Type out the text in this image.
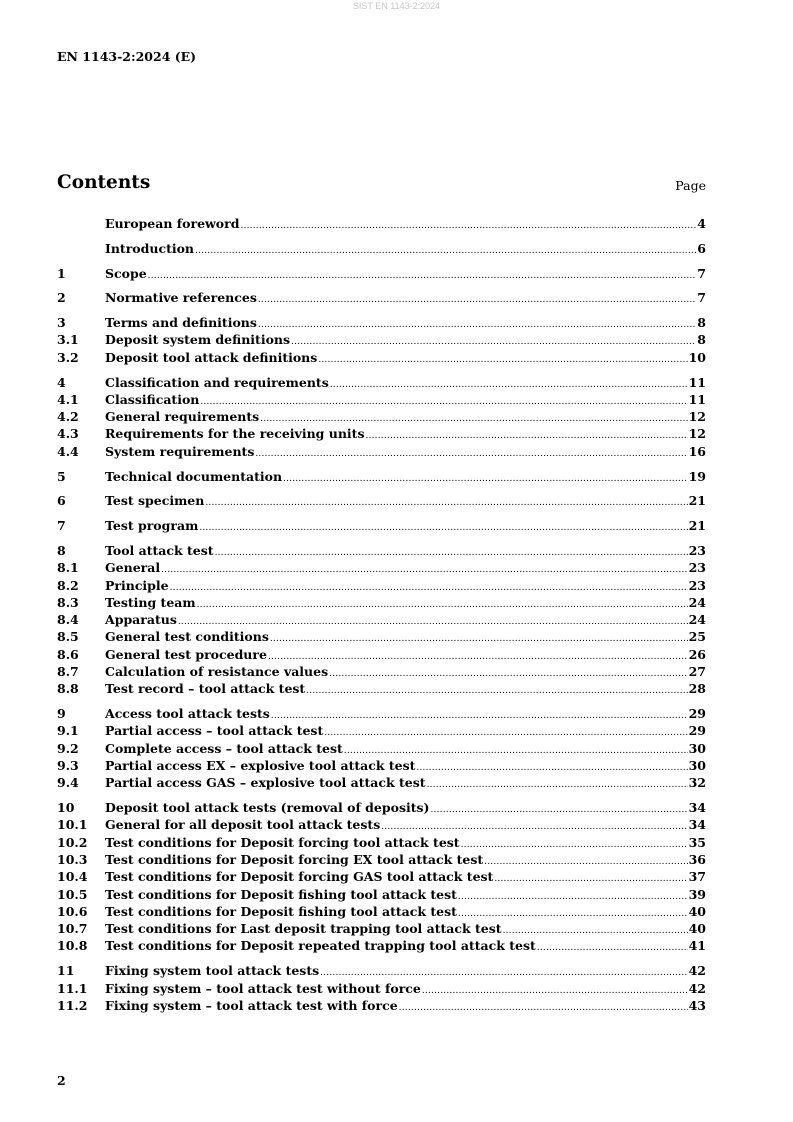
SIST EN 1143-2:2024
EN 1143-2:2024 (E)
Contents	Page
European foreword .....	4
Introduction .....	6
1	Scope .....	7
2	Normative references .....	7
3	Terms and definitions .....	8
3.1	Deposit system definitions .....	8
3.2	Deposit tool attack definitions .....	10
4	Classification and requirements .....	11
4.1	Classification .....	11
4.2	General requirements .....	12
4.3	Requirements for the receiving units .....	12
4.4	System requirements .....	16
5	Technical documentation .....	19
6	Test specimen .....	21
7	Test program .....	21
8	Tool attack test .....	23
8.1	General .....	23
8.2	Principle .....	23
8.3	Testing team .....	24
8.4	Apparatus .....	24
8.5	General test conditions .....	25
8.6	General test procedure .....	26
8.7	Calculation of resistance values .....	27
8.8	Test record – tool attack test .....	28
9	Access tool attack tests .....	29
9.1	Partial access – tool attack test .....	29
9.2	Complete access – tool attack test .....	30
9.3	Partial access EX – explosive tool attack test .....	30
9.4	Partial access GAS – explosive tool attack test .....	32
10	Deposit tool attack tests (removal of deposits) .....	34
10.1	General for all deposit tool attack tests .....	34
10.2	Test conditions for Deposit forcing tool attack test .....	35
10.3	Test conditions for Deposit forcing EX tool attack test .....	36
10.4	Test conditions for Deposit forcing GAS tool attack test .....	37
10.5	Test conditions for Deposit fishing tool attack test .....	39
10.6	Test conditions for Deposit fishing tool attack test .....	40
10.7	Test conditions for Last deposit trapping tool attack test .....	40
10.8	Test conditions for Deposit repeated trapping tool attack test .....	41
11	Fixing system tool attack tests .....	42
11.1	Fixing system – tool attack test without force .....	42
11.2	Fixing system – tool attack test with force .....	43
2
